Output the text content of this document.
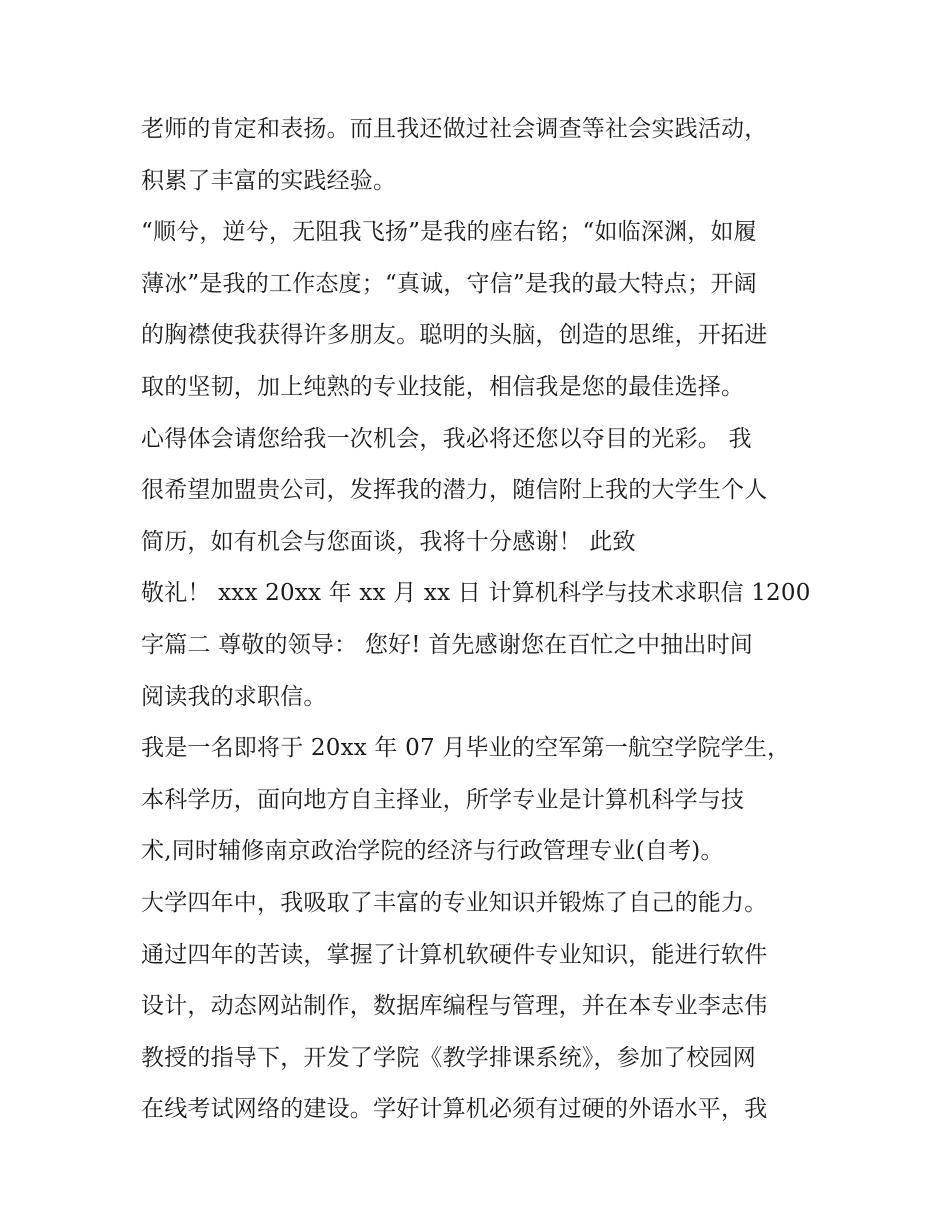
老师的肯定和表扬。而且我还做过社会调查等社会实践活动，
积累了丰富的实践经验。
“顺兮，逆兮，无阻我飞扬”是我的座右铭；“如临深渊，如履
薄冰”是我的工作态度；“真诚，守信”是我的最大特点；开阔
的胸襟使我获得许多朋友。聪明的头脑，创造的思维，开拓进
取的坚韧，加上纯熟的专业技能，相信我是您的最佳选择。
心得体会请您给我一次机会，我必将还您以夺目的光彩。 我
很希望加盟贵公司，发挥我的潜力，随信附上我的大学生个人
简历，如有机会与您面谈，我将十分感谢！ 此致
敬礼！ xxx 20xx 年 xx 月 xx 日 计算机科学与技术求职信 1200
字篇二 尊敬的领导： 您好! 首先感谢您在百忙之中抽出时间
阅读我的求职信。
我是一名即将于 20xx 年 07 月毕业的空军第一航空学院学生，
本科学历，面向地方自主择业，所学专业是计算机科学与技
术,同时辅修南京政治学院的经济与行政管理专业(自考)。
大学四年中，我吸取了丰富的专业知识并锻炼了自己的能力。
通过四年的苦读，掌握了计算机软硬件专业知识，能进行软件
设计，动态网站制作，数据库编程与管理，并在本专业李志伟
教授的指导下，开发了学院《教学排课系统》，参加了校园网
在线考试网络的建设。学好计算机必须有过硬的外语水平，我
